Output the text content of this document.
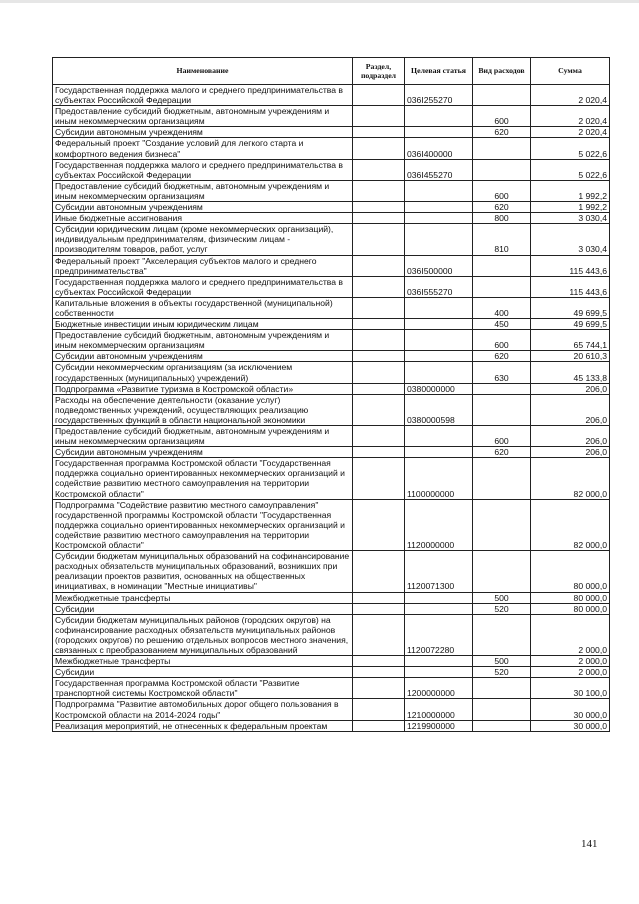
Наименование	Раздел, подраздел	Целевая статья	Вид расходов	Сумма
Государственная поддержка малого и среднего предпринимательства в субъектах Российской Федерации		036I255270		2 020,4
Предоставление субсидий бюджетным, автономным учреждениям и иным некоммерческим организациям			600	2 020,4
Субсидии автономным учреждениям			620	2 020,4
Федеральный проект "Создание условий для легкого старта и комфортного ведения бизнеса"		036I400000		5 022,6
Государственная поддержка малого и среднего предпринимательства в субъектах Российской Федерации		036I455270		5 022,6
Предоставление субсидий бюджетным, автономным учреждениям и иным некоммерческим организациям			600	1 992,2
Субсидии автономным учреждениям			620	1 992,2
Иные бюджетные ассигнования			800	3 030,4
Субсидии юридическим лицам (кроме некоммерческих организаций), индивидуальным предпринимателям, физическим лицам - производителям товаров, работ, услуг			810	3 030,4
Федеральный проект "Акселерация субъектов малого и среднего предпринимательства"		036I500000		115 443,6
Государственная поддержка малого и среднего предпринимательства в субъектах Российской Федерации		036I555270		115 443,6
Капитальные вложения в объекты государственной (муниципальной) собственности			400	49 699,5
Бюджетные инвестиции иным юридическим лицам			450	49 699,5
Предоставление субсидий бюджетным, автономным учреждениям и иным некоммерческим организациям			600	65 744,1
Субсидии автономным учреждениям			620	20 610,3
Субсидии некоммерческим организациям (за исключением государственных (муниципальных) учреждений)			630	45 133,8
Подпрограмма «Развитие туризма в Костромской области»		0380000000		206,0
Расходы на обеспечение деятельности (оказание услуг) подведомственных учреждений, осуществляющих реализацию государственных функций в области национальной экономики		0380000598		206,0
Предоставление субсидий бюджетным, автономным учреждениям и иным некоммерческим организациям			600	206,0
Субсидии автономным учреждениям			620	206,0
Государственная программа Костромской области "Государственная поддержка социально ориентированных некоммерческих организаций и содействие развитию местного самоуправления на территории Костромской области"		1100000000		82 000,0
Подпрограмма "Содействие развитию местного самоуправления" государственной программы Костромской области "Государственная поддержка социально ориентированных некоммерческих организаций и содействие развитию местного самоуправления на территории Костромской области"		1120000000		82 000,0
Субсидии бюджетам муниципальных образований на софинансирование расходных обязательств муниципальных образований, возникших при реализации проектов развития, основанных на общественных инициативах, в номинации "Местные инициативы"		1120071300		80 000,0
Межбюджетные трансферты			500	80 000,0
Субсидии			520	80 000,0
Субсидии бюджетам муниципальных районов (городских округов) на софинансирование расходных обязательств муниципальных районов (городских округов) по решению отдельных вопросов местного значения, связанных с преобразованием муниципальных образований		1120072280		2 000,0
Межбюджетные трансферты			500	2 000,0
Субсидии			520	2 000,0
Государственная программа Костромской области "Развитие транспортной системы Костромской области"		1200000000		30 100,0
Подпрограмма "Развитие автомобильных дорог общего пользования в Костромской области на 2014-2024 годы"		1210000000		30 000,0
Реализация мероприятий, не отнесенных к федеральным проектам		1219900000		30 000,0
141
